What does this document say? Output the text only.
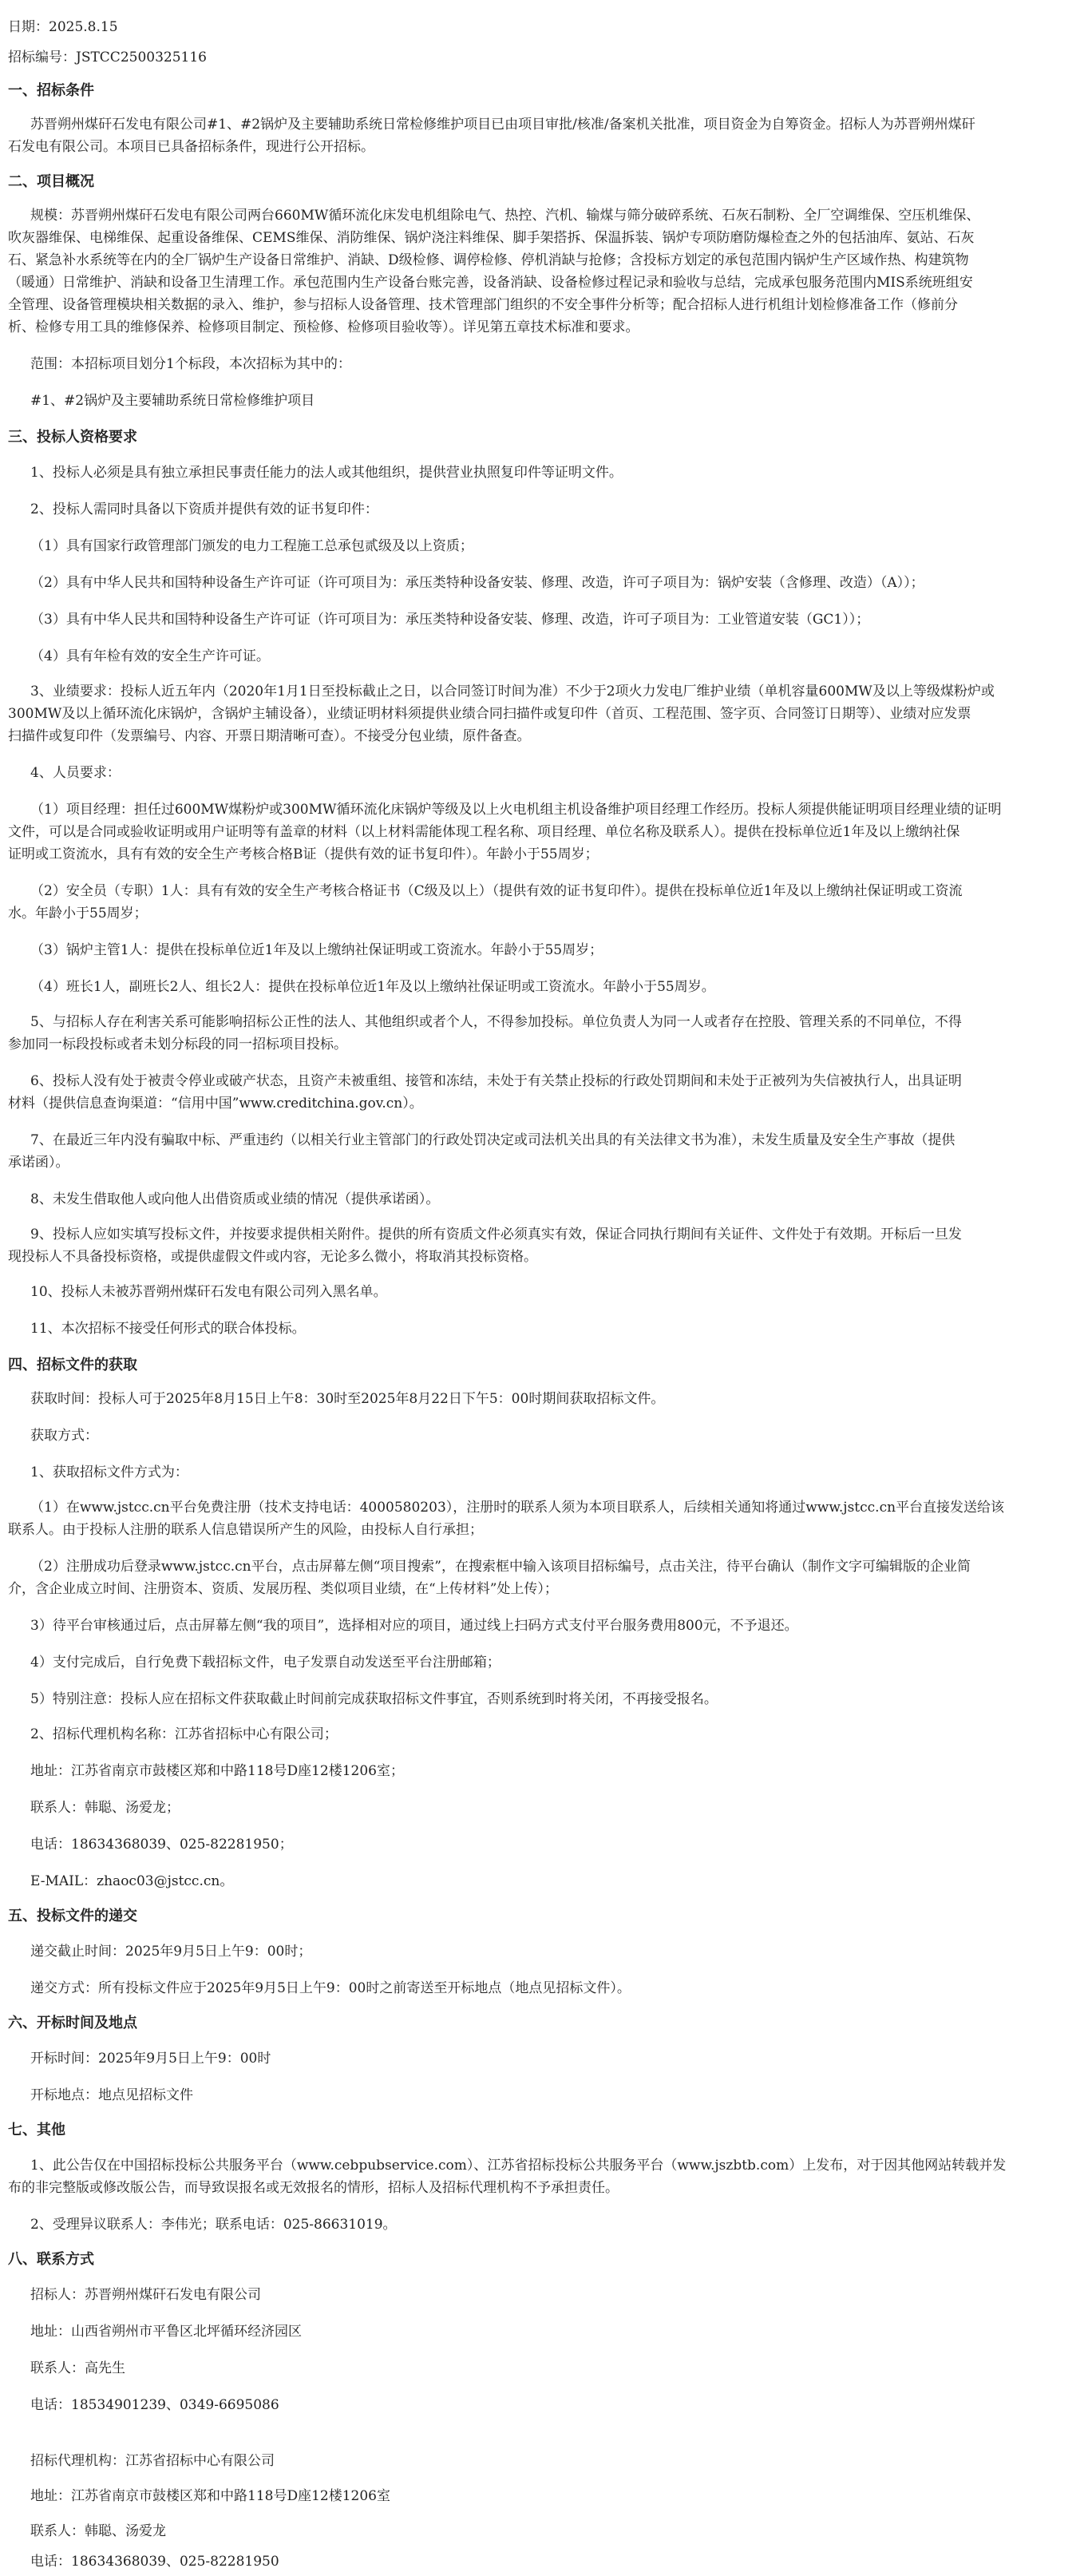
日期：2025.8.15

招标编号：JSTCC2500325116

一、招标条件

苏晋朔州煤矸石发电有限公司#1、#2锅炉及主要辅助系统日常检修维护项目已由项目审批/核准/备案机关批准，项目资金为自筹资金。招标人为苏晋朔州煤矸

石发电有限公司。本项目已具备招标条件，现进行公开招标。

二、项目概况

规模：苏晋朔州煤矸石发电有限公司两台660MW循环流化床发电机组除电气、热控、汽机、输煤与筛分破碎系统、石灰石制粉、全厂空调维保、空压机维保、

吹灰器维保、电梯维保、起重设备维保、CEMS维保、消防维保、锅炉浇注料维保、脚手架搭拆、保温拆装、锅炉专项防磨防爆检查之外的包括油库、氨站、石灰

石、紧急补水系统等在内的全厂锅炉生产设备日常维护、消缺、D级检修、调停检修、停机消缺与抢修；含投标方划定的承包范围内锅炉生产区域作热、构建筑物

（暖通）日常维护、消缺和设备卫生清理工作。承包范围内生产设备台账完善，设备消缺、设备检修过程记录和验收与总结，完成承包服务范围内MIS系统班组安

全管理、设备管理模块相关数据的录入、维护，参与招标人设备管理、技术管理部门组织的不安全事件分析等；配合招标人进行机组计划检修准备工作（修前分

析、检修专用工具的维修保养、检修项目制定、预检修、检修项目验收等）。详见第五章技术标准和要求。

范围：本招标项目划分1个标段，本次招标为其中的：

#1、#2锅炉及主要辅助系统日常检修维护项目

三、投标人资格要求

1、投标人必须是具有独立承担民事责任能力的法人或其他组织，提供营业执照复印件等证明文件。

2、投标人需同时具备以下资质并提供有效的证书复印件：

（1）具有国家行政管理部门颁发的电力工程施工总承包贰级及以上资质；

（2）具有中华人民共和国特种设备生产许可证（许可项目为：承压类特种设备安装、修理、改造，许可子项目为：锅炉安装（含修理、改造）（A））；

（3）具有中华人民共和国特种设备生产许可证（许可项目为：承压类特种设备安装、修理、改造，许可子项目为：工业管道安装（GC1））；

（4）具有年检有效的安全生产许可证。

3、业绩要求：投标人近五年内（2020年1月1日至投标截止之日，以合同签订时间为准）不少于2项火力发电厂维护业绩（单机容量600MW及以上等级煤粉炉或

300MW及以上循环流化床锅炉，含锅炉主辅设备），业绩证明材料须提供业绩合同扫描件或复印件（首页、工程范围、签字页、合同签订日期等）、业绩对应发票

扫描件或复印件（发票编号、内容、开票日期清晰可查）。不接受分包业绩，原件备查。

4、人员要求：

（1）项目经理：担任过600MW煤粉炉或300MW循环流化床锅炉等级及以上火电机组主机设备维护项目经理工作经历。投标人须提供能证明项目经理业绩的证明

文件，可以是合同或验收证明或用户证明等有盖章的材料（以上材料需能体现工程名称、项目经理、单位名称及联系人）。提供在投标单位近1年及以上缴纳社保

证明或工资流水，具有有效的安全生产考核合格B证（提供有效的证书复印件）。年龄小于55周岁；

（2）安全员（专职）1人：具有有效的安全生产考核合格证书（C级及以上）（提供有效的证书复印件）。提供在投标单位近1年及以上缴纳社保证明或工资流

水。年龄小于55周岁；

（3）锅炉主管1人：提供在投标单位近1年及以上缴纳社保证明或工资流水。年龄小于55周岁；

（4）班长1人，副班长2人、组长2人：提供在投标单位近1年及以上缴纳社保证明或工资流水。年龄小于55周岁。

5、与招标人存在利害关系可能影响招标公正性的法人、其他组织或者个人，不得参加投标。单位负责人为同一人或者存在控股、管理关系的不同单位，不得

参加同一标段投标或者未划分标段的同一招标项目投标。

6、投标人没有处于被责令停业或破产状态，且资产未被重组、接管和冻结，未处于有关禁止投标的行政处罚期间和未处于正被列为失信被执行人，出具证明

材料（提供信息查询渠道：“信用中国”www.creditchina.gov.cn）。

7、在最近三年内没有骗取中标、严重违约（以相关行业主管部门的行政处罚决定或司法机关出具的有关法律文书为准），未发生质量及安全生产事故（提供

承诺函）。

8、未发生借取他人或向他人出借资质或业绩的情况（提供承诺函）。

9、投标人应如实填写投标文件，并按要求提供相关附件。提供的所有资质文件必须真实有效，保证合同执行期间有关证件、文件处于有效期。开标后一旦发

现投标人不具备投标资格，或提供虚假文件或内容，无论多么微小，将取消其投标资格。

10、投标人未被苏晋朔州煤矸石发电有限公司列入黑名单。

11、本次招标不接受任何形式的联合体投标。

四、招标文件的获取

获取时间：投标人可于2025年8月15日上午8：30时至2025年8月22日下午5：00时期间获取招标文件。

获取方式：

1、获取招标文件方式为：

（1）在www.jstcc.cn平台免费注册（技术支持电话：4000580203），注册时的联系人须为本项目联系人，后续相关通知将通过www.jstcc.cn平台直接发送给该

联系人。由于投标人注册的联系人信息错误所产生的风险，由投标人自行承担；

（2）注册成功后登录www.jstcc.cn平台，点击屏幕左侧“项目搜索”，在搜索框中输入该项目招标编号，点击关注，待平台确认（制作文字可编辑版的企业简

介，含企业成立时间、注册资本、资质、发展历程、类似项目业绩，在“上传材料”处上传）；

3）待平台审核通过后，点击屏幕左侧“我的项目”，选择相对应的项目，通过线上扫码方式支付平台服务费用800元，不予退还。

4）支付完成后，自行免费下载招标文件，电子发票自动发送至平台注册邮箱；

5）特别注意：投标人应在招标文件获取截止时间前完成获取招标文件事宜，否则系统到时将关闭，不再接受报名。

2、招标代理机构名称：江苏省招标中心有限公司；

地址：江苏省南京市鼓楼区郑和中路118号D座12楼1206室；

联系人：韩聪、汤爱龙；

电话：18634368039、025-82281950；

E-MAIL：zhaoc03@jstcc.cn。

五、投标文件的递交

递交截止时间：2025年9月5日上午9：00时；

递交方式：所有投标文件应于2025年9月5日上午9：00时之前寄送至开标地点（地点见招标文件）。

六、开标时间及地点

开标时间：2025年9月5日上午9：00时

开标地点：地点见招标文件

七、其他

1、此公告仅在中国招标投标公共服务平台（www.cebpubservice.com）、江苏省招标投标公共服务平台（www.jszbtb.com）上发布，对于因其他网站转载并发

布的非完整版或修改版公告，而导致误报名或无效报名的情形，招标人及招标代理机构不予承担责任。

2、受理异议联系人：李伟光；联系电话：025-86631019。

八、联系方式

招标人：苏晋朔州煤矸石发电有限公司

地址：山西省朔州市平鲁区北坪循环经济园区

联系人：高先生

电话：18534901239、0349-6695086

招标代理机构：江苏省招标中心有限公司

地址：江苏省南京市鼓楼区郑和中路118号D座12楼1206室

联系人：韩聪、汤爱龙

电话：18634368039、025-82281950
